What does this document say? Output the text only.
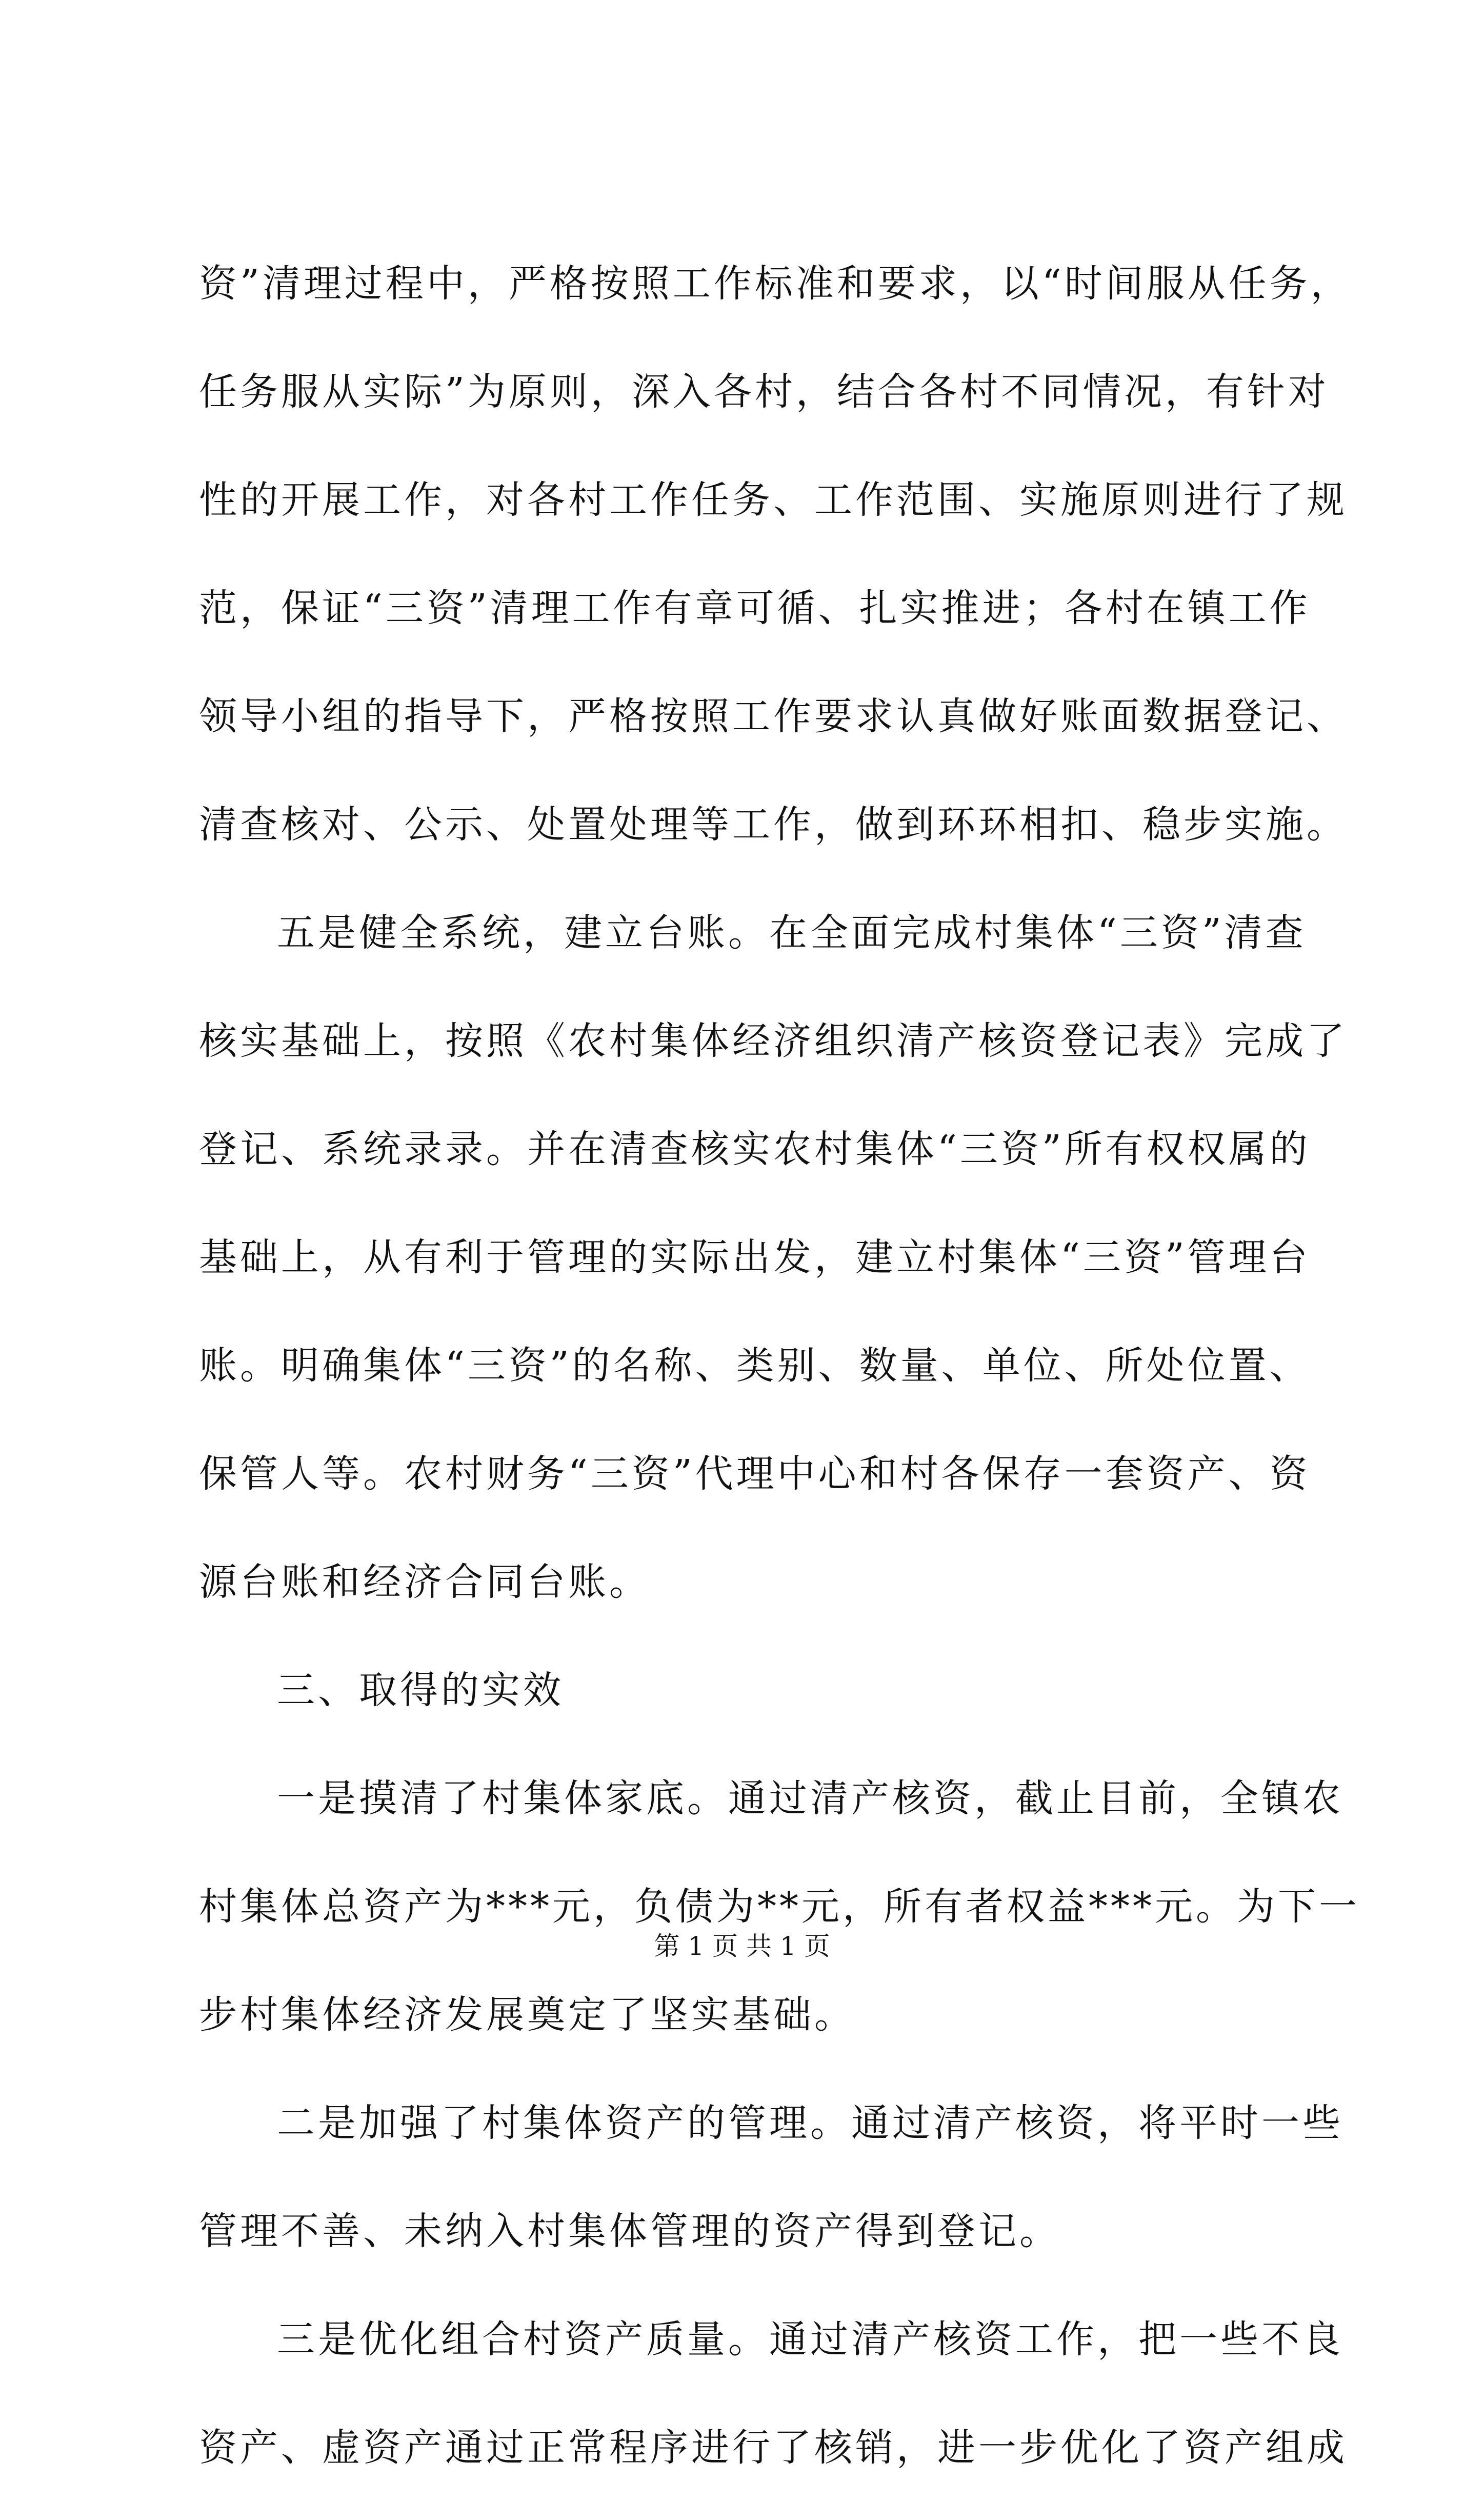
资”清理过程中，严格按照工作标准和要求，以“时间服从任务，
任务服从实际”为原则，深入各村，结合各村不同情况，有针对
性的开展工作，对各村工作任务、工作范围、实施原则进行了规
范，保证“三资”清理工作有章可循、扎实推进；各村在镇工作
领导小组的指导下，严格按照工作要求认真做好账面数据登记、
清查核对、公示、处置处理等工作，做到环环相扣、稳步实施。
五是健全系统，建立台账。在全面完成村集体“三资”清查
核实基础上，按照《农村集体经济组织清产核资登记表》完成了
登记、系统录录。并在清查核实农村集体“三资”所有权权属的
基础上，从有利于管理的实际出发，建立村集体“三资”管理台
账。明确集体“三资”的名称、类别、数量、单位、所处位置、
保管人等。农村财务“三资”代理中心和村各保存一套资产、资
源台账和经济合同台账。
三、取得的实效
一是摸清了村集体家底。通过清产核资，截止目前，全镇农
村集体总资产为***元，负债为**元，所有者权益***元。为下一
步村集体经济发展奠定了坚实基础。
二是加强了村集体资产的管理。通过清产核资，将平时一些
管理不善、未纳入村集体管理的资产得到登记。
三是优化组合村资产质量。通过清产核资工作，把一些不良
资产、虚资产通过正常程序进行了核销，进一步优化了资产组成
第 1 页 共 1 页
